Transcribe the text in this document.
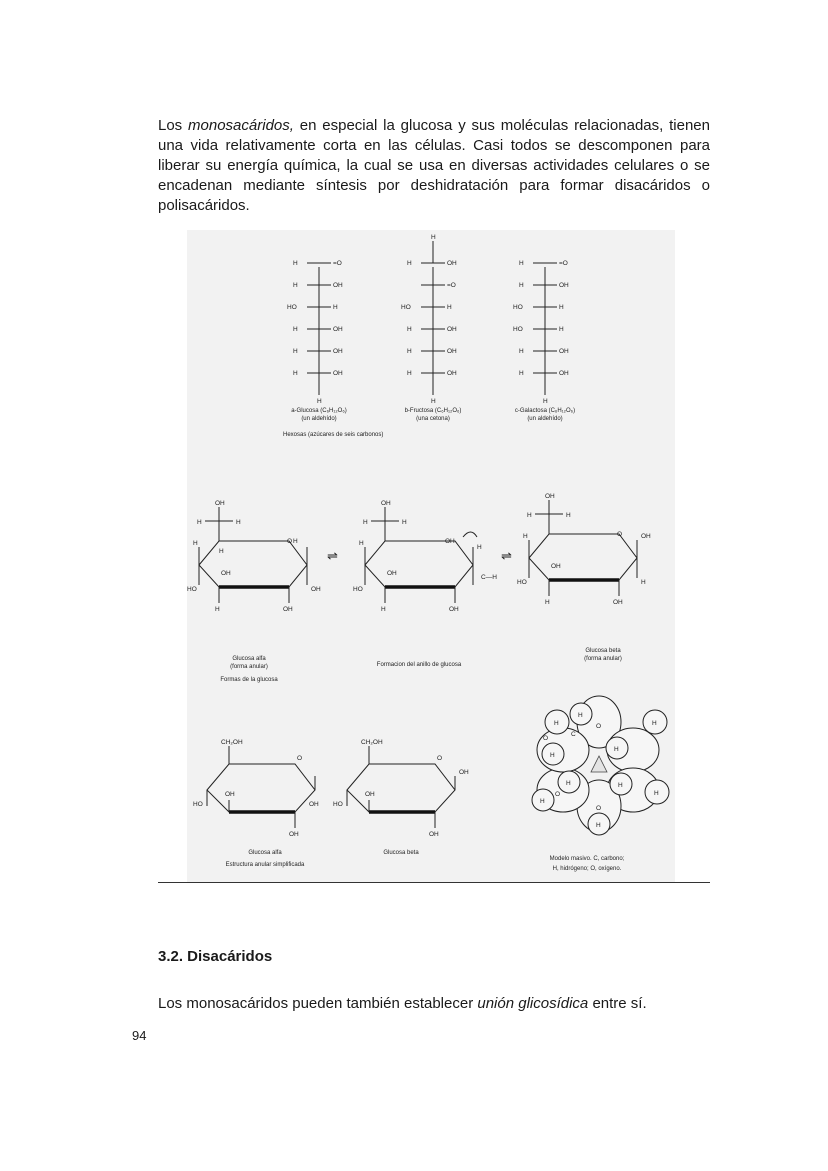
Los monosacáridos, en especial la glucosa y sus moléculas relacionadas, tienen una vida relativamente corta en las células. Casi todos se descomponen para liberar su energía química, la cual se usa en diversas actividades celulares o se encadenan mediante síntesis por deshidratación para formar disacáridos o polisacáridos.

H	=O
H	OH
HO	H
H	OH
H	OH
H	OH
H
H
H	OH
=O
HO	H
H	OH
H	OH
H	OH
H
H	=O
H	OH
HO	H
HO	H
H	OH
H	OH
H
a-Glucosa (C₆H₁₂O₆)
(un aldehído)
b-Fructosa (C₆H₁₂O₆)
(una cetona)
c-Galactosa (C₆H₁₂O₆)
(un aldehído)
Hexosas (azúcares de seis carbonos)
OH
H	H
O
H
HO
H
OH
H
OH
H	OH
⇌
OH
H	H
OH
H
HO
OH
H
C—H
H	OH
⇌
OH
H	H
O
H
HO
OH
OH
H
H	OH
Glucosa alfa
(forma anular)
Formas de la glucosa
Formacion del anillo de glucosa
Glucosa beta
(forma anular)
CH₂OH
O
HO
OH
OH
OH
CH₂OH
O
OH
HO
OH
OH
H
H
H
H
H
H	H
H
H
H
O
O
O
O
C
Glucosa alfa
Estructura anular simplificada
Glucosa beta
Modelo masivo. C, carbono;
H, hidrógeno; O, oxígeno.
3.2. Disacáridos

Los monosacáridos pueden también establecer unión glicosídica entre sí.

94
